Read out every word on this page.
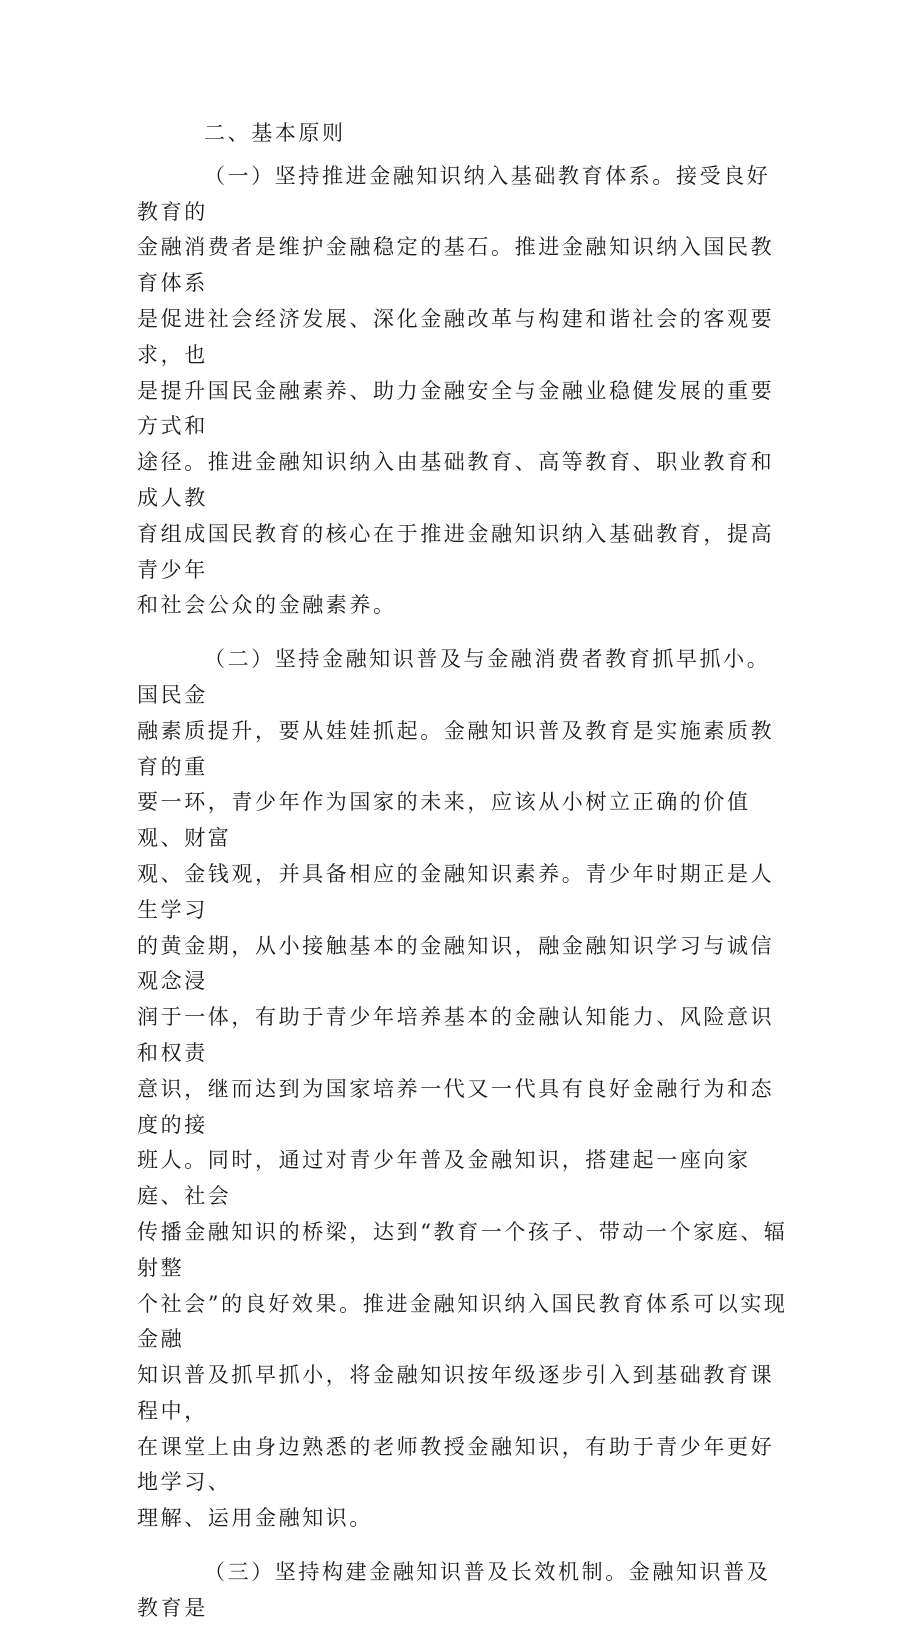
二、基本原则

（一）坚持推进金融知识纳入基础教育体系。接受良好教育的
金融消费者是维护金融稳定的基石。推进金融知识纳入国民教育体系
是促进社会经济发展、深化金融改革与构建和谐社会的客观要求，也
是提升国民金融素养、助力金融安全与金融业稳健发展的重要方式和
途径。推进金融知识纳入由基础教育、高等教育、职业教育和成人教
育组成国民教育的核心在于推进金融知识纳入基础教育，提高青少年
和社会公众的金融素养。

（二）坚持金融知识普及与金融消费者教育抓早抓小。国民金
融素质提升，要从娃娃抓起。金融知识普及教育是实施素质教育的重
要一环，青少年作为国家的未来，应该从小树立正确的价值观、财富
观、金钱观，并具备相应的金融知识素养。青少年时期正是人生学习
的黄金期，从小接触基本的金融知识，融金融知识学习与诚信观念浸
润于一体，有助于青少年培养基本的金融认知能力、风险意识和权责
意识，继而达到为国家培养一代又一代具有良好金融行为和态度的接
班人。同时，通过对青少年普及金融知识，搭建起一座向家庭、社会
传播金融知识的桥梁，达到“教育一个孩子、带动一个家庭、辐射整
个社会”的良好效果。推进金融知识纳入国民教育体系可以实现金融
知识普及抓早抓小，将金融知识按年级逐步引入到基础教育课程中，
在课堂上由身边熟悉的老师教授金融知识，有助于青少年更好地学习、
理解、运用金融知识。

（三）坚持构建金融知识普及长效机制。金融知识普及教育是
